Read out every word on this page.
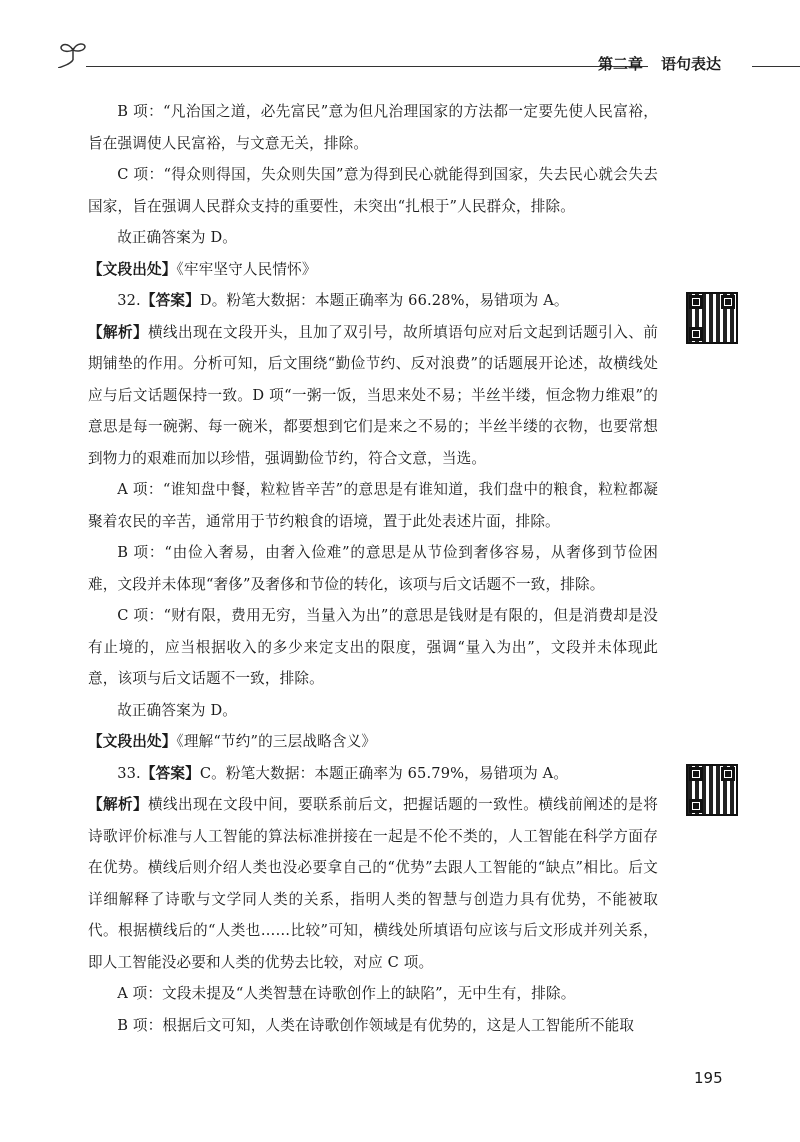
第二章 语句表达

B 项：“凡治国之道，必先富民”意为但凡治理国家的方法都一定要先使人民富裕，旨在强调使人民富裕，与文意无关，排除。

C 项：“得众则得国，失众则失国”意为得到民心就能得到国家，失去民心就会失去国家，旨在强调人民群众支持的重要性，未突出“扎根于”人民群众，排除。

故正确答案为 D。

【文段出处】《牢牢坚守人民情怀》

32.【答案】D。粉笔大数据：本题正确率为 66.28%，易错项为 A。

【解析】横线出现在文段开头，且加了双引号，故所填语句应对后文起到话题引入、前期铺垫的作用。分析可知，后文围绕“勤俭节约、反对浪费”的话题展开论述，故横线处应与后文话题保持一致。D 项“一粥一饭，当思来处不易；半丝半缕，恒念物力维艰”的意思是每一碗粥、每一碗米，都要想到它们是来之不易的；半丝半缕的衣物，也要常想到物力的艰难而加以珍惜，强调勤俭节约，符合文意，当选。

A 项：“谁知盘中餐，粒粒皆辛苦”的意思是有谁知道，我们盘中的粮食，粒粒都凝聚着农民的辛苦，通常用于节约粮食的语境，置于此处表述片面，排除。

B 项：“由俭入奢易，由奢入俭难”的意思是从节俭到奢侈容易，从奢侈到节俭困难，文段并未体现“奢侈”及奢侈和节俭的转化，该项与后文话题不一致，排除。

C 项：“财有限，费用无穷，当量入为出”的意思是钱财是有限的，但是消费却是没有止境的，应当根据收入的多少来定支出的限度，强调“量入为出”，文段并未体现此意，该项与后文话题不一致，排除。

故正确答案为 D。

【文段出处】《理解“节约”的三层战略含义》

33.【答案】C。粉笔大数据：本题正确率为 65.79%，易错项为 A。

【解析】横线出现在文段中间，要联系前后文，把握话题的一致性。横线前阐述的是将诗歌评价标准与人工智能的算法标准拼接在一起是不伦不类的，人工智能在科学方面存在优势。横线后则介绍人类也没必要拿自己的“优势”去跟人工智能的“缺点”相比。后文详细解释了诗歌与文学同人类的关系，指明人类的智慧与创造力具有优势，不能被取代。根据横线后的“人类也……比较”可知，横线处所填语句应该与后文形成并列关系，即人工智能没必要和人类的优势去比较，对应 C 项。

A 项：文段未提及“人类智慧在诗歌创作上的缺陷”，无中生有，排除。

B 项：根据后文可知，人类在诗歌创作领域是有优势的，这是人工智能所不能取

195
